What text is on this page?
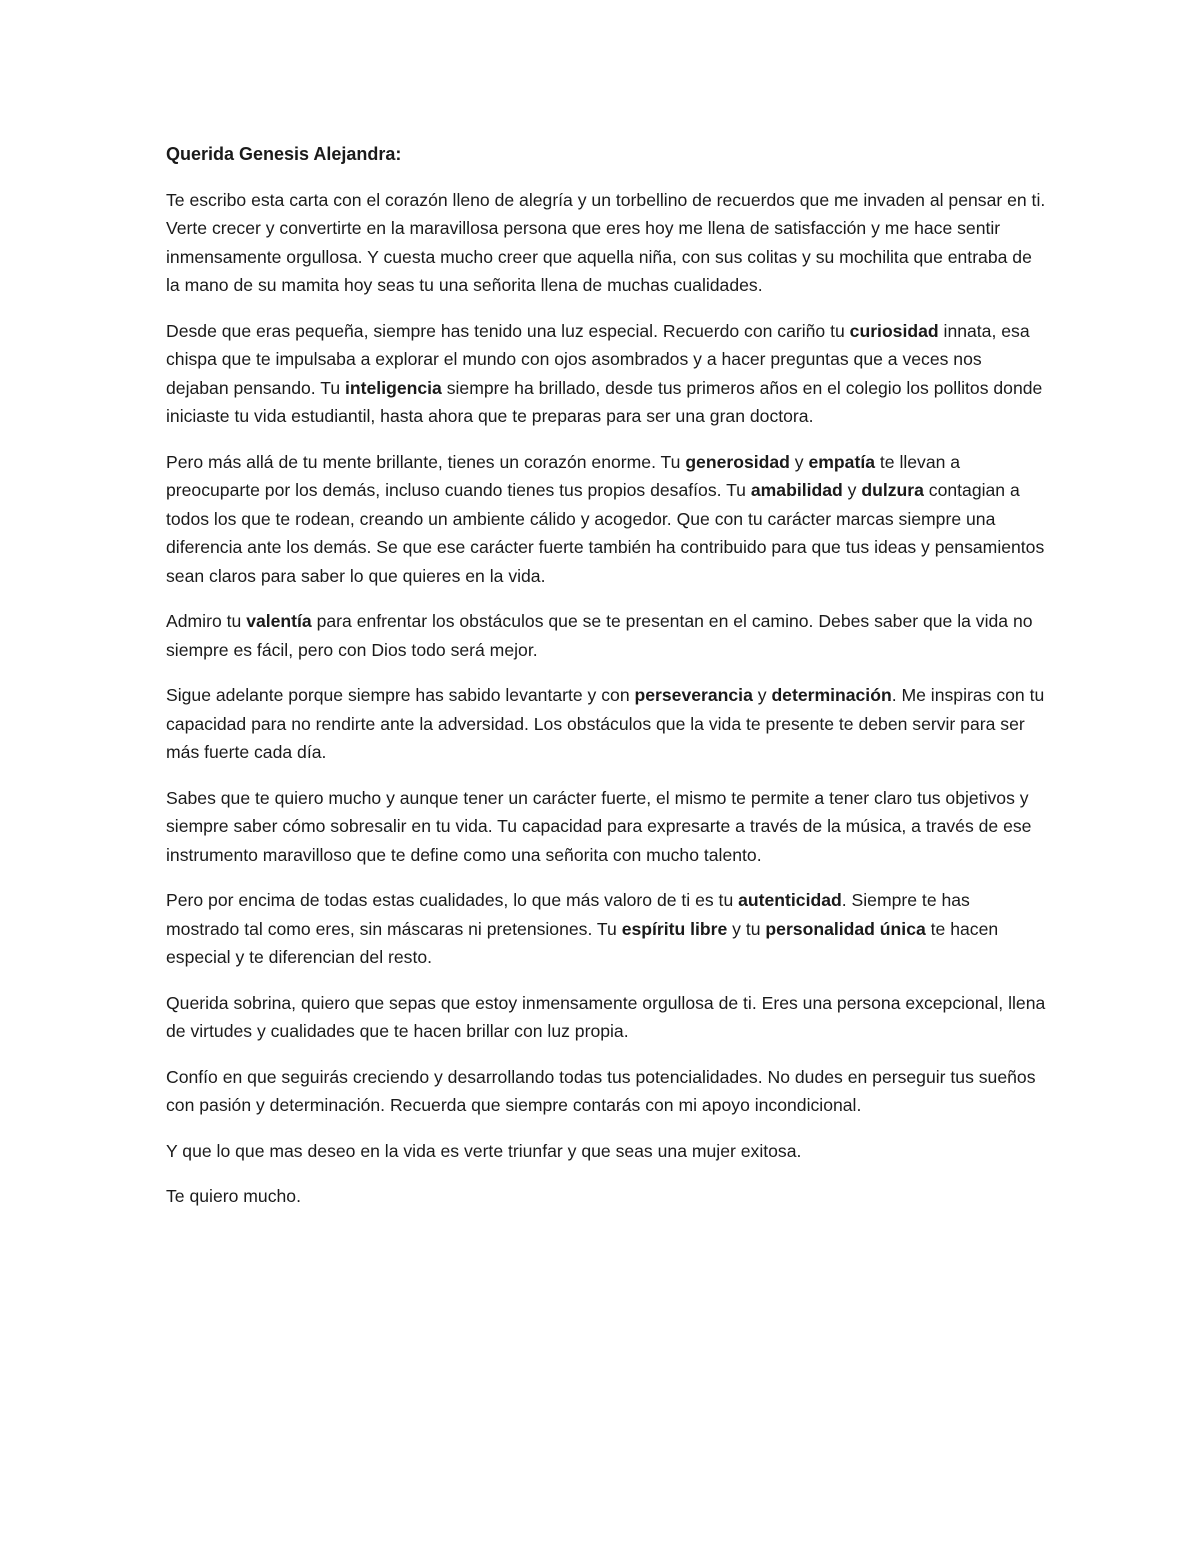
Querida Genesis Alejandra:

Te escribo esta carta con el corazón lleno de alegría y un torbellino de recuerdos que me invaden al pensar en ti. Verte crecer y convertirte en la maravillosa persona que eres hoy me llena de satisfacción y me hace sentir inmensamente orgullosa. Y cuesta mucho creer que aquella niña, con sus colitas y su mochilita que entraba de la mano de su mamita hoy seas tu una señorita llena de muchas cualidades.

Desde que eras pequeña, siempre has tenido una luz especial. Recuerdo con cariño tu curiosidad innata, esa chispa que te impulsaba a explorar el mundo con ojos asombrados y a hacer preguntas que a veces nos dejaban pensando. Tu inteligencia siempre ha brillado, desde tus primeros años en el colegio los pollitos donde iniciaste tu vida estudiantil, hasta ahora que te preparas para ser una gran doctora.

Pero más allá de tu mente brillante, tienes un corazón enorme. Tu generosidad y empatía te llevan a preocuparte por los demás, incluso cuando tienes tus propios desafíos. Tu amabilidad y dulzura contagian a todos los que te rodean, creando un ambiente cálido y acogedor. Que con tu carácter marcas siempre una diferencia ante los demás. Se que ese carácter fuerte también ha contribuido para que tus ideas y pensamientos sean claros para saber lo que quieres en la vida.

Admiro tu valentía para enfrentar los obstáculos que se te presentan en el camino. Debes saber que la vida no siempre es fácil, pero con Dios todo será mejor.

Sigue adelante porque siempre has sabido levantarte y con perseverancia y determinación. Me inspiras con tu capacidad para no rendirte ante la adversidad. Los obstáculos que la vida te presente te deben servir para ser más fuerte cada día.

Sabes que te quiero mucho y aunque tener un carácter fuerte, el mismo te permite a tener claro tus objetivos y siempre saber cómo sobresalir en tu vida. Tu capacidad para expresarte a través de la música, a través de ese instrumento maravilloso que te define como una señorita con mucho talento.

Pero por encima de todas estas cualidades, lo que más valoro de ti es tu autenticidad. Siempre te has mostrado tal como eres, sin máscaras ni pretensiones. Tu espíritu libre y tu personalidad única te hacen especial y te diferencian del resto.

Querida sobrina, quiero que sepas que estoy inmensamente orgullosa de ti. Eres una persona excepcional, llena de virtudes y cualidades que te hacen brillar con luz propia.

Confío en que seguirás creciendo y desarrollando todas tus potencialidades. No dudes en perseguir tus sueños con pasión y determinación. Recuerda que siempre contarás con mi apoyo incondicional.

Y que lo que mas deseo en la vida es verte triunfar y que seas una mujer exitosa.

Te quiero mucho.
